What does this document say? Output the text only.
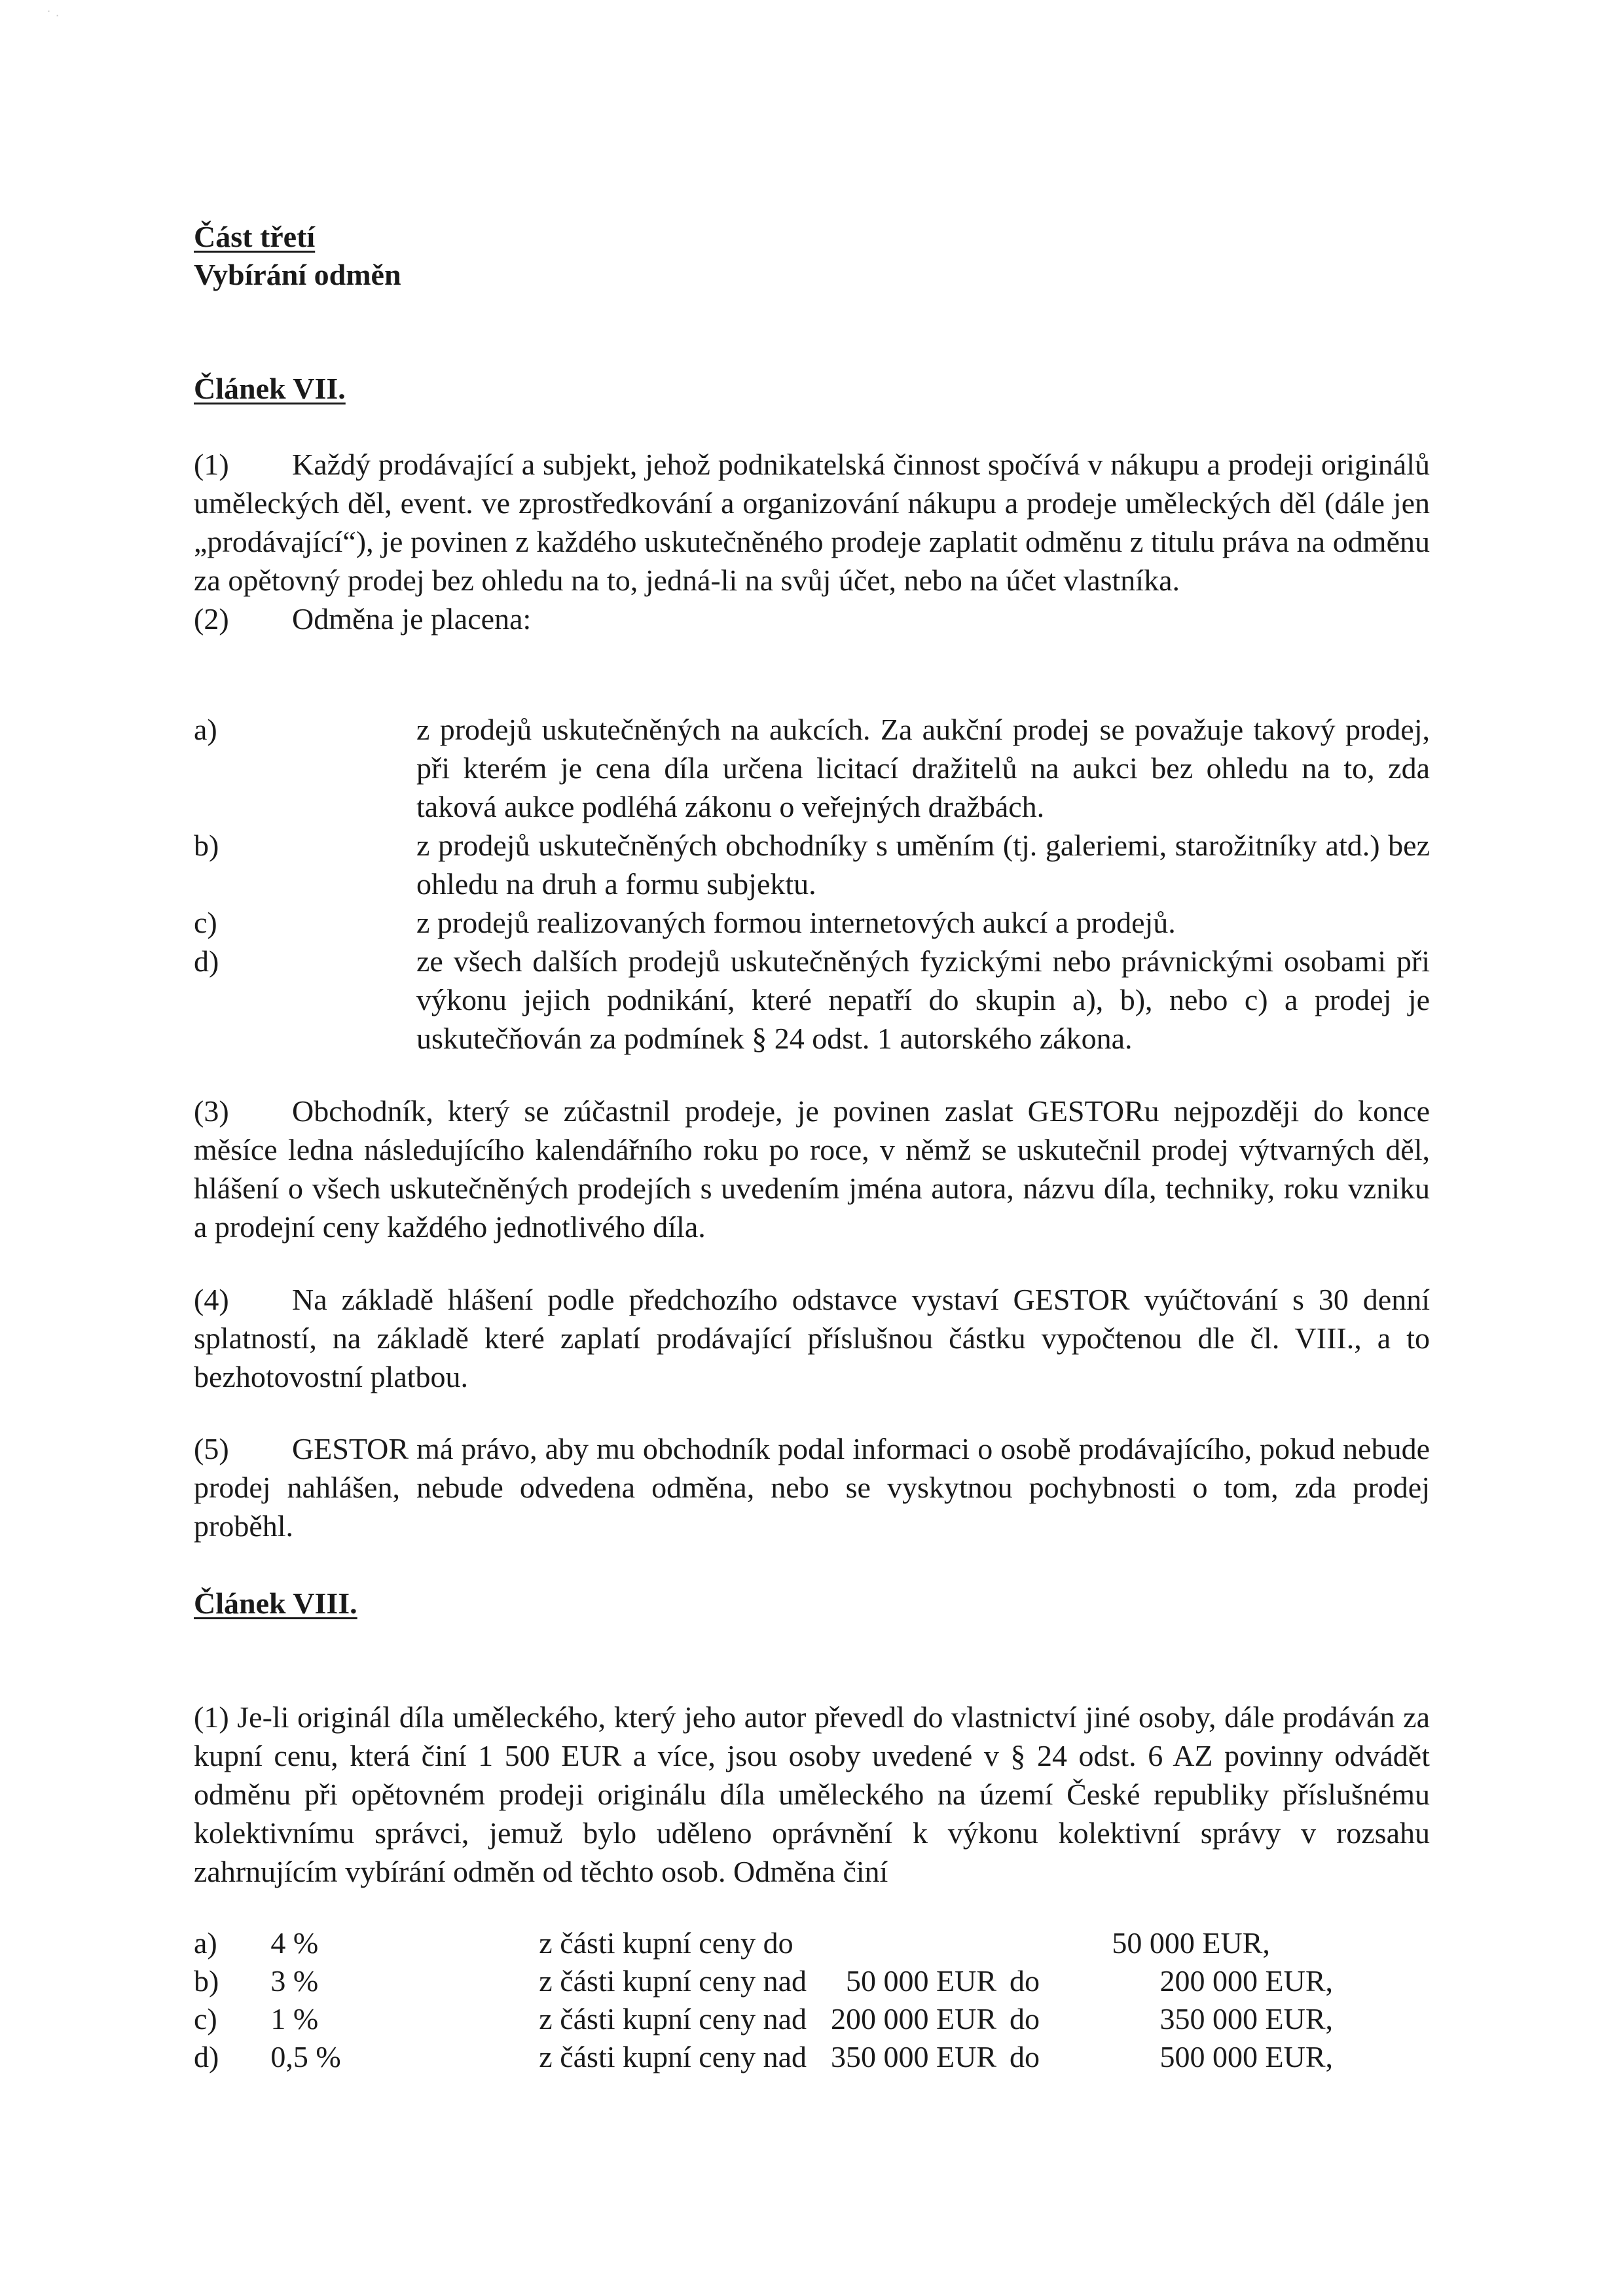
˙ ·
Část třetí
Vybírání odměn
Článek VII.

(1) Každý prodávající a subjekt, jehož podnikatelská činnost spočívá v nákupu a prodeji originálů uměleckých děl, event. ve zprostředkování a organizování nákupu a prodeje uměleckých děl (dále jen „prodávající“), je povinen z každého uskutečněného prodeje zaplatit odměnu z titulu práva na odměnu za opětovný prodej bez ohledu na to, jedná-li na svůj účet, nebo na účet vlastníka.

(2) Odměna je placena:

a)	z prodejů uskutečněných na aukcích. Za aukční prodej se považuje takový prodej, při kterém je cena díla určena licitací dražitelů na aukci bez ohledu na to, zda taková aukce podléhá zákonu o veřejných dražbách.
b)	z prodejů uskutečněných obchodníky s uměním (tj. galeriemi, starožitníky atd.) bez ohledu na druh a formu subjektu.
c)	z prodejů realizovaných formou internetových aukcí a prodejů.
d)	ze všech dalších prodejů uskutečněných fyzickými nebo právnickými osobami při výkonu jejich podnikání, které nepatří do skupin a), b), nebo c) a prodej je uskutečňován za podmínek § 24 odst. 1 autorského zákona.

(3) Obchodník, který se zúčastnil prodeje, je povinen zaslat GESTORu nejpozději do konce měsíce ledna následujícího kalendářního roku po roce, v němž se uskutečnil prodej výtvarných děl, hlášení o všech uskutečněných prodejích s uvedením jména autora, názvu díla, techniky, roku vzniku a prodejní ceny každého jednotlivého díla.

(4) Na základě hlášení podle předchozího odstavce vystaví GESTOR vyúčtování s 30 denní splatností, na základě které zaplatí prodávající příslušnou částku vypočtenou dle čl. VIII., a to bezhotovostní platbou.

(5) GESTOR má právo, aby mu obchodník podal informaci o osobě prodávajícího, pokud nebude prodej nahlášen, nebude odvedena odměna, nebo se vyskytnou pochybnosti o tom, zda prodej proběhl.

Článek VIII.

(1) Je-li originál díla uměleckého, který jeho autor převedl do vlastnictví jiné osoby, dále prodáván za kupní cenu, která činí 1 500 EUR a více, jsou osoby uvedené v § 24 odst. 6 AZ povinny odvádět odměnu při opětovném prodeji originálu díla uměleckého na území České republiky příslušnému kolektivnímu správci, jemuž bylo uděleno oprávnění k výkonu kolektivní správy v rozsahu zahrnujícím vybírání odměn od těchto osob. Odměna činí

a)	4 %	z části kupní ceny do			50 000 EUR,
b)	3 %	z části kupní ceny nad	50 000 EUR	do	200 000 EUR,
c)	1 %	z části kupní ceny nad	200 000 EUR	do	350 000 EUR,
d)	0,5 %	z části kupní ceny nad	350 000 EUR	do	500 000 EUR,
